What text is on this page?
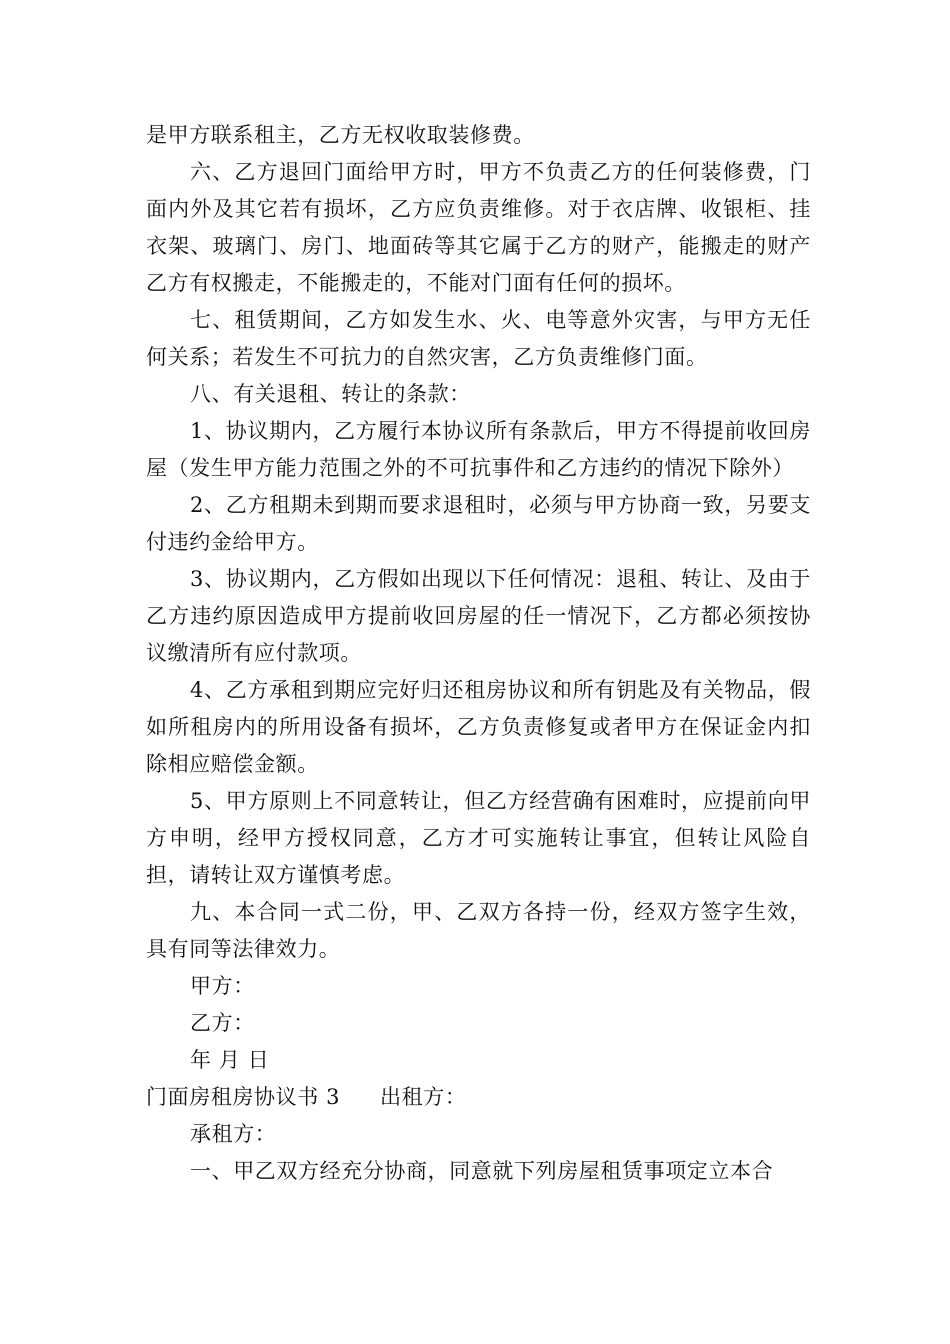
是甲方联系租主，乙方无权收取装修费。

六、乙方退回门面给甲方时，甲方不负责乙方的任何装修费，门面内外及其它若有损坏，乙方应负责维修。对于衣店牌、收银柜、挂衣架、玻璃门、房门、地面砖等其它属于乙方的财产，能搬走的财产乙方有权搬走，不能搬走的，不能对门面有任何的损坏。

七、租赁期间，乙方如发生水、火、电等意外灾害，与甲方无任何关系；若发生不可抗力的自然灾害，乙方负责维修门面。

八、有关退租、转让的条款：

1、协议期内，乙方履行本协议所有条款后，甲方不得提前收回房屋（发生甲方能力范围之外的不可抗事件和乙方违约的情况下除外）

2、乙方租期未到期而要求退租时，必须与甲方协商一致，另要支付违约金给甲方。

3、协议期内，乙方假如出现以下任何情况：退租、转让、及由于乙方违约原因造成甲方提前收回房屋的任一情况下，乙方都必须按协议缴清所有应付款项。

4、乙方承租到期应完好归还租房协议和所有钥匙及有关物品，假如所租房内的所用设备有损坏，乙方负责修复或者甲方在保证金内扣除相应赔偿金额。

5、甲方原则上不同意转让，但乙方经营确有困难时，应提前向甲方申明，经甲方授权同意，乙方才可实施转让事宜，但转让风险自担，请转让双方谨慎考虑。

九、本合同一式二份，甲、乙双方各持一份，经双方签字生效，具有同等法律效力。

甲方：

乙方：

年 月 日

门面房租房协议书 3 出租方：

承租方：

一、甲乙双方经充分协商，同意就下列房屋租赁事项定立本合
